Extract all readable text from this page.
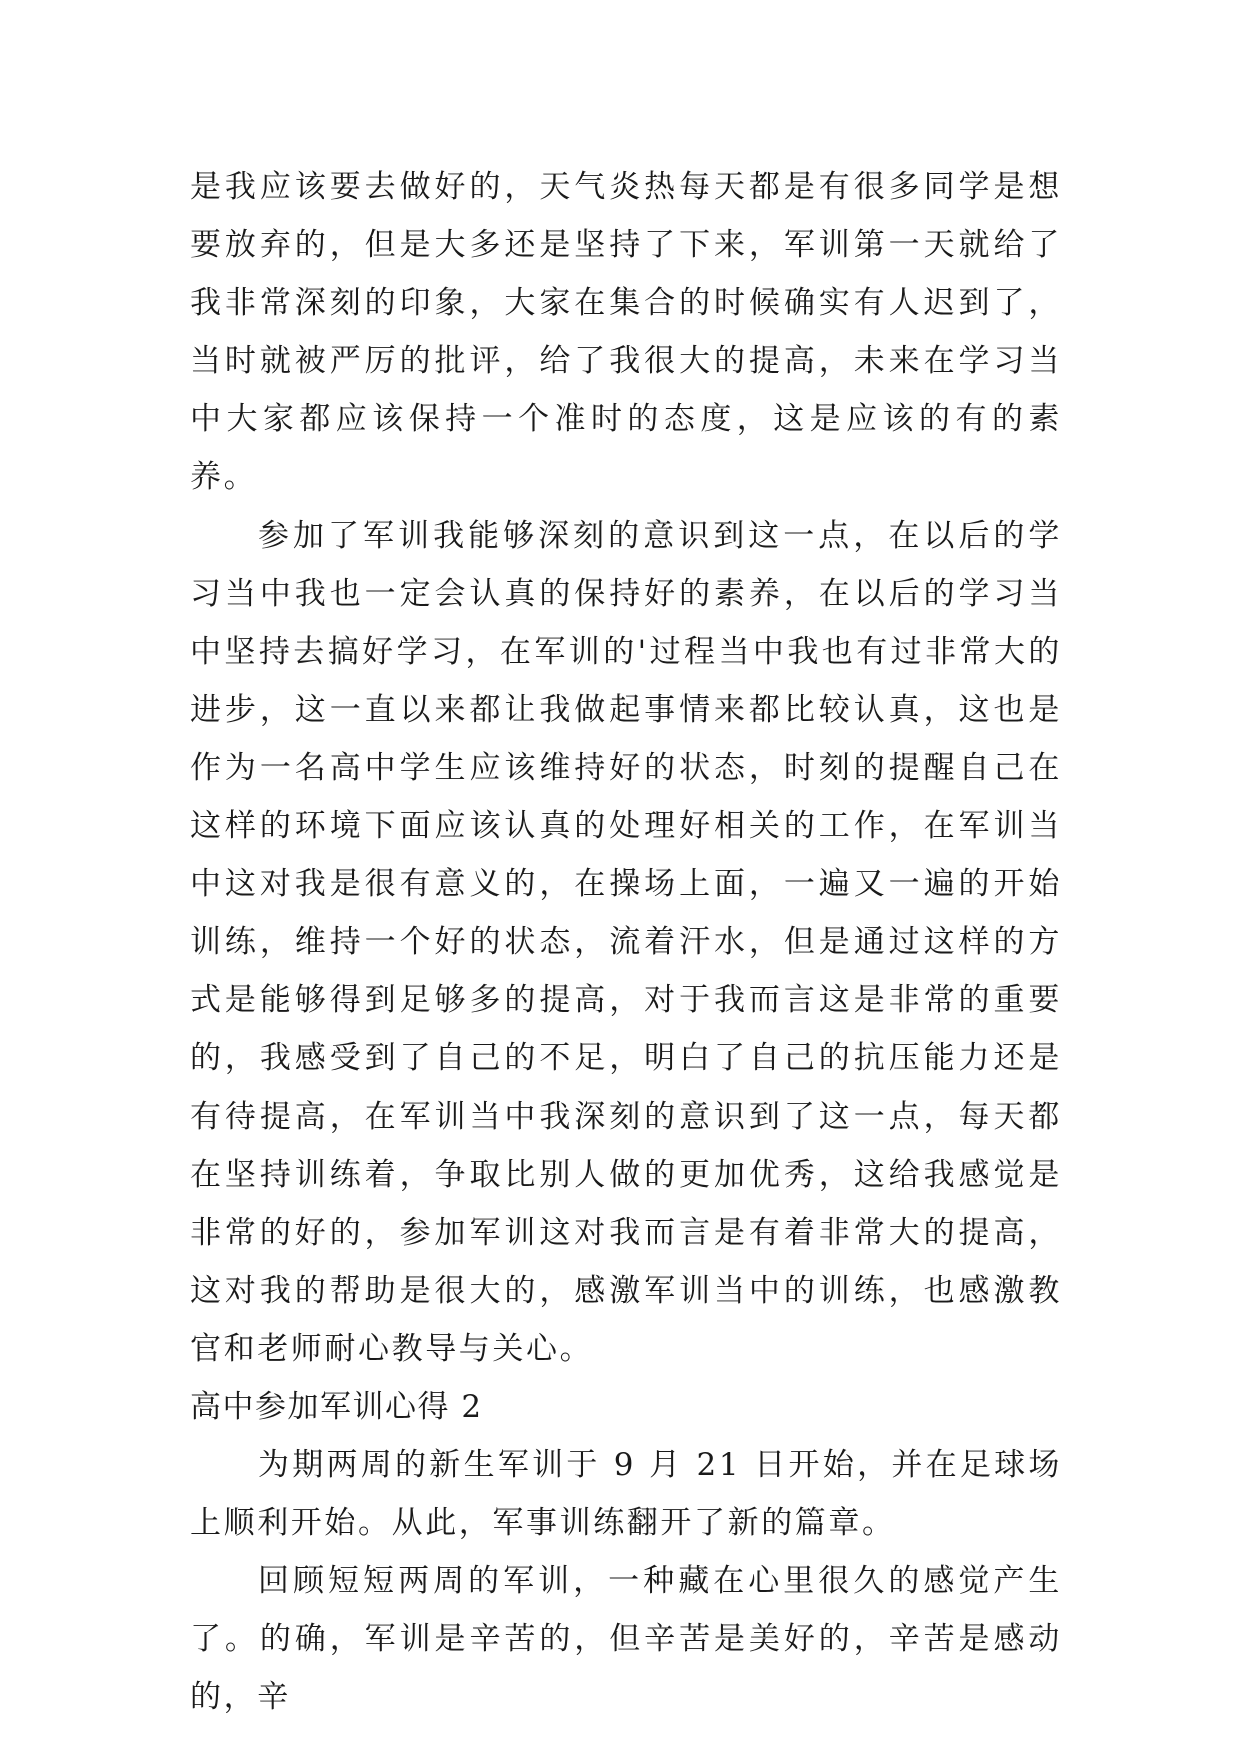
是我应该要去做好的，天气炎热每天都是有很多同学是想要放弃的，但是大多还是坚持了下来，军训第一天就给了我非常深刻的印象，大家在集合的时候确实有人迟到了，当时就被严厉的批评，给了我很大的提高，未来在学习当中大家都应该保持一个准时的态度，这是应该的有的素养。

参加了军训我能够深刻的意识到这一点，在以后的学习当中我也一定会认真的保持好的素养，在以后的学习当中坚持去搞好学习，在军训的'过程当中我也有过非常大的进步，这一直以来都让我做起事情来都比较认真，这也是作为一名高中学生应该维持好的状态，时刻的提醒自己在这样的环境下面应该认真的处理好相关的工作，在军训当中这对我是很有意义的，在操场上面，一遍又一遍的开始训练，维持一个好的状态，流着汗水，但是通过这样的方式是能够得到足够多的提高，对于我而言这是非常的重要的，我感受到了自己的不足，明白了自己的抗压能力还是有待提高，在军训当中我深刻的意识到了这一点，每天都在坚持训练着，争取比别人做的更加优秀，这给我感觉是非常的好的，参加军训这对我而言是有着非常大的提高，这对我的帮助是很大的，感激军训当中的训练，也感激教官和老师耐心教导与关心。

高中参加军训心得 2

为期两周的新生军训于 9 月 21 日开始，并在足球场上顺利开始。从此，军事训练翻开了新的篇章。

回顾短短两周的军训，一种藏在心里很久的感觉产生了。的确，军训是辛苦的，但辛苦是美好的，辛苦是感动的，辛
